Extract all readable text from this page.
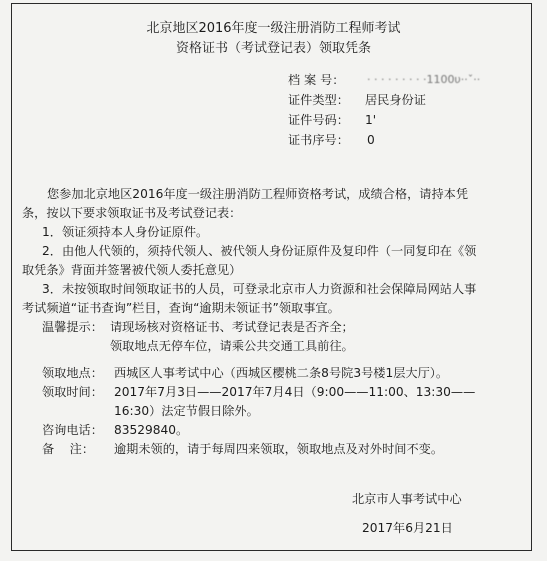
北京地区2016年度一级注册消防工程师考试
资格证书（考试登记表）领取凭条
档 案 号： · · · · · · · · ·1100υ··ˇ··
证件类型： 居民身份证
证件号码： 1'
证书序号： 0
您参加北京地区2016年度一级注册消防工程师资格考试，成绩合格，请持本凭
条，按以下要求领取证书及考试登记表：
1．领证须持本人身份证原件。
2．由他人代领的，须持代领人、被代领人身份证原件及复印件（一同复印在《领
取凭条》背面并签署被代领人委托意见）
3．未按领取时间领取证书的人员，可登录北京市人力资源和社会保障局网站人事
考试频道“证书查询”栏目，查询“逾期未领证书”领取事宜。
温馨提示： 请现场核对资格证书、考试登记表是否齐全；
领取地点无停车位，请乘公共交通工具前往。
领取地点： 西城区人事考试中心（西城区樱桃二条8号院3号楼1层大厅）。
领取时间： 2017年7月3日——2017年7月4日（9:00——11:00、13:30——
16:30）法定节假日除外。
咨询电话： 83529840。
备    注： 逾期未领的，请于每周四来领取，领取地点及对外时间不变。
北京市人事考试中心
2017年6月21日
